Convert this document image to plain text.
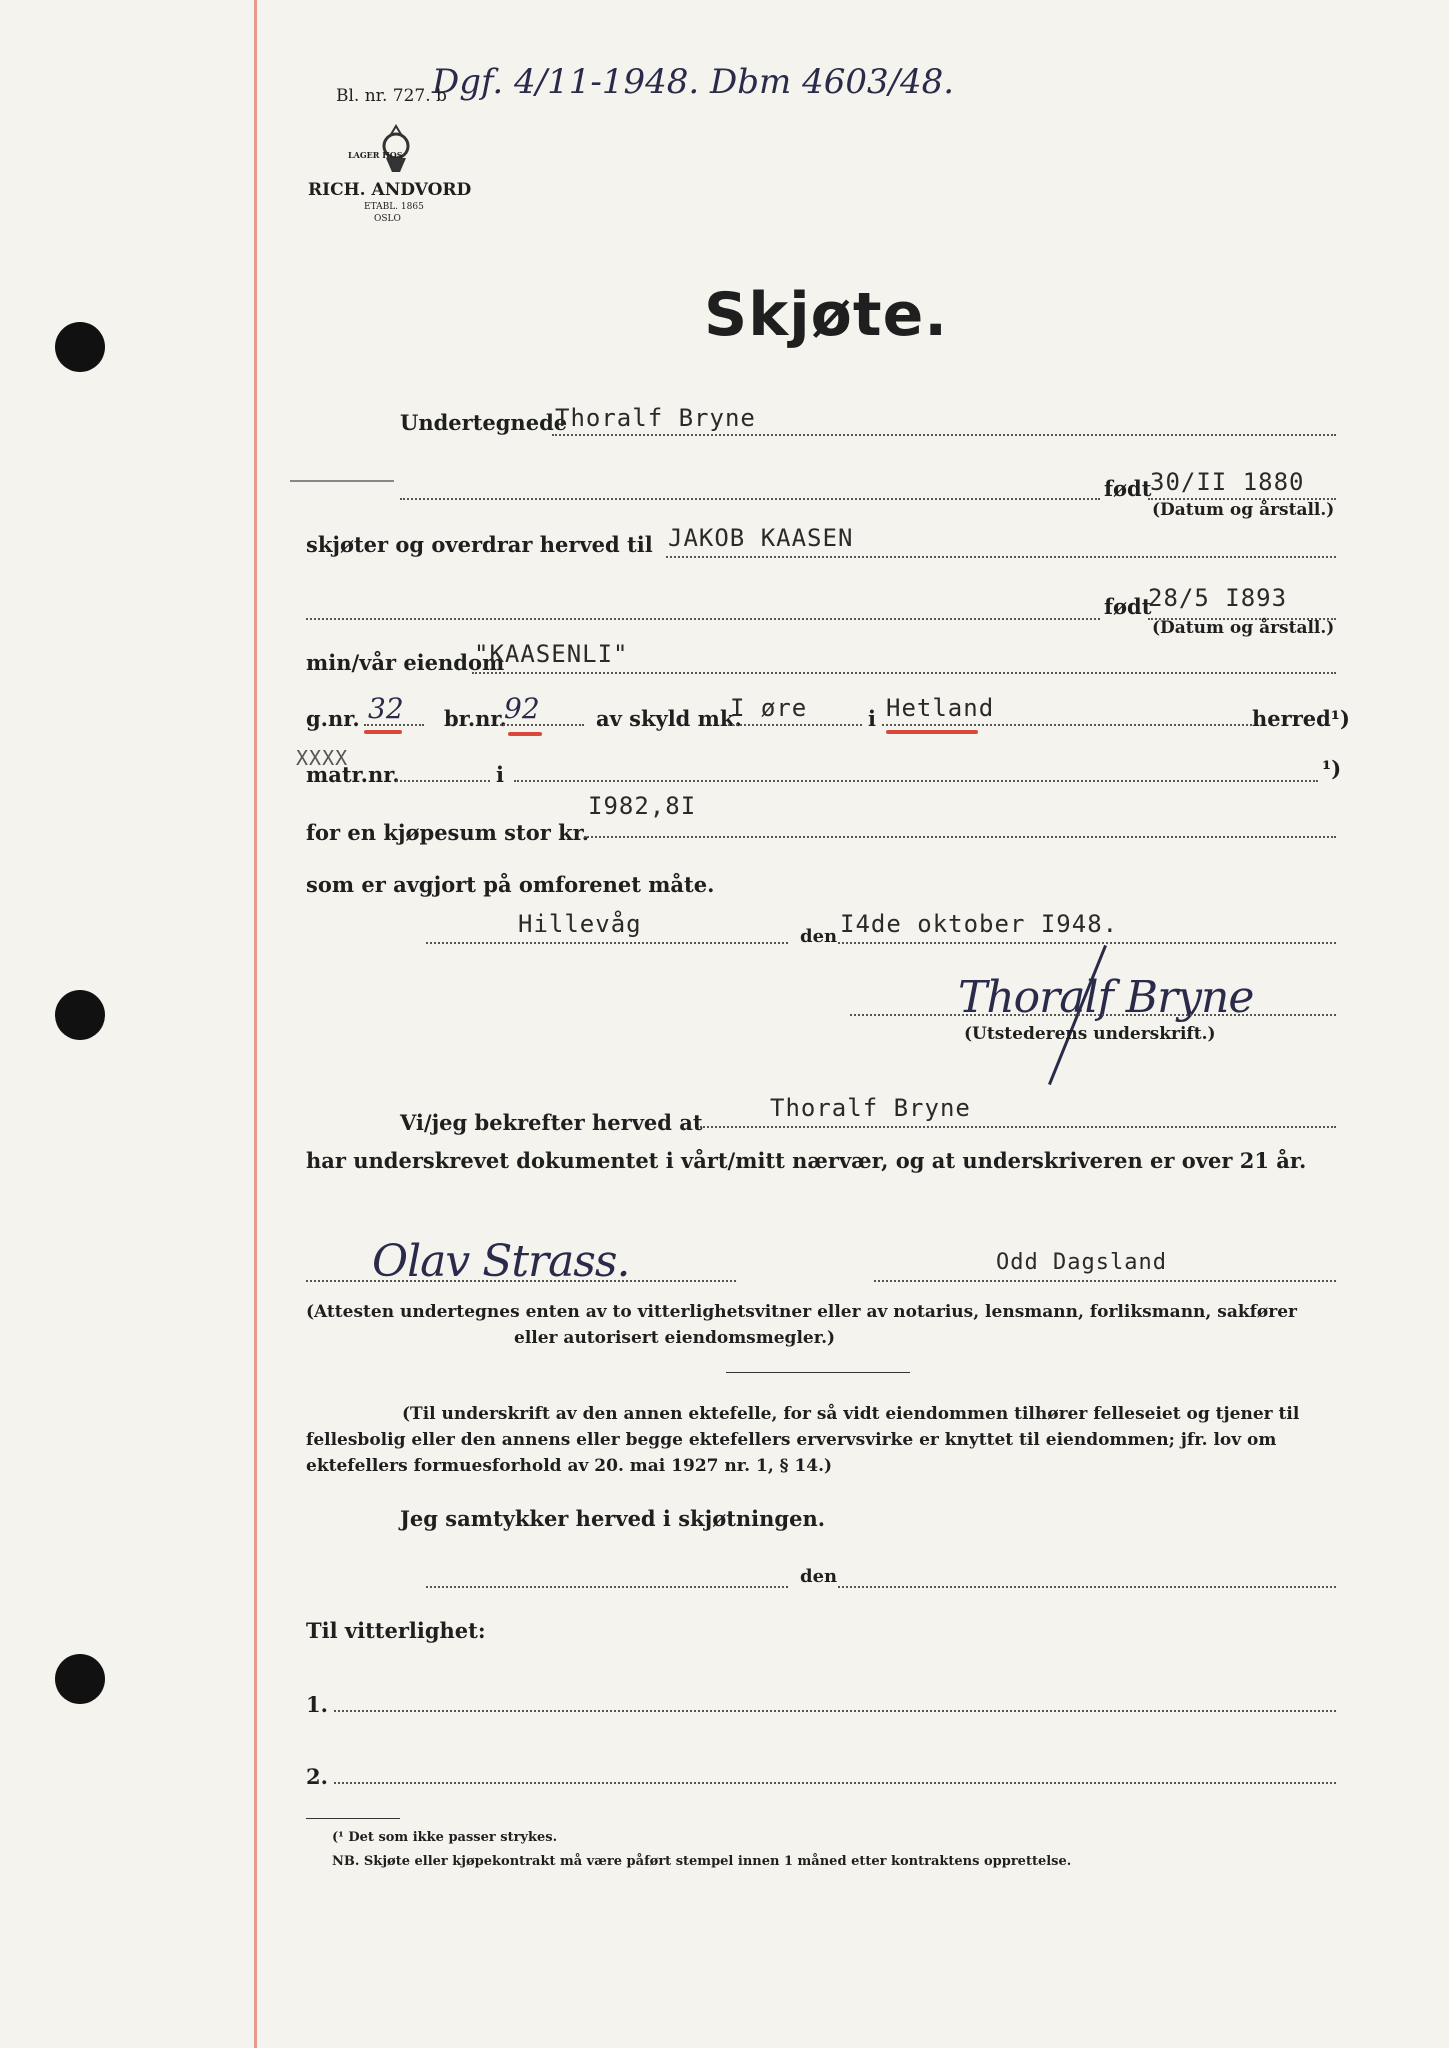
Dgf. 4/11-1948. Dbm 4603/48.
Bl. nr. 727. b
LAGER HOS
RICH. ANDVORD
ETABL. 1865
OSLO
Skjøte.
Undertegnede
Thoralf Bryne
født
30/II 1880
(Datum og årstall.)
skjøter og overdrar herved til JAKOB KAASEN
født
28/5 I893
(Datum og årstall.)
min/vår eiendom
"KAASENLI"
g.nr. 32 br.nr.
92	av skyld mk.
I øre	i Hetland	herred¹)
XXXX
matr.nr.	i	¹)
I982,8I
for en kjøpesum stor kr.
som er avgjort på omforenet måte.
Hillevåg	den I4de oktober I948.
Thoralf Bryne
(Utstederens underskrift.)
Vi/jeg bekrefter herved at
Thoralf Bryne
har underskrevet dokumentet i vårt/mitt nærvær, og at underskriveren er over 21 år.
Olav Strass.	Odd Dagsland
(Attesten undertegnes enten av to vitterlighetsvitner eller av notarius, lensmann, forliksmann, sakfører
eller autorisert eiendomsmegler.)
(Til underskrift av den annen ektefelle, for så vidt eiendommen tilhører felleseiet og tjener til
fellesbolig eller den annens eller begge ektefellers ervervsvirke er knyttet til eiendommen; jfr. lov om
ektefellers formuesforhold av 20. mai 1927 nr. 1, § 14.)
Jeg samtykker herved i skjøtningen.
den
Til vitterlighet:
1.
2.
(¹ Det som ikke passer strykes.
NB. Skjøte eller kjøpekontrakt må være påført stempel innen 1 måned etter kontraktens opprettelse.
